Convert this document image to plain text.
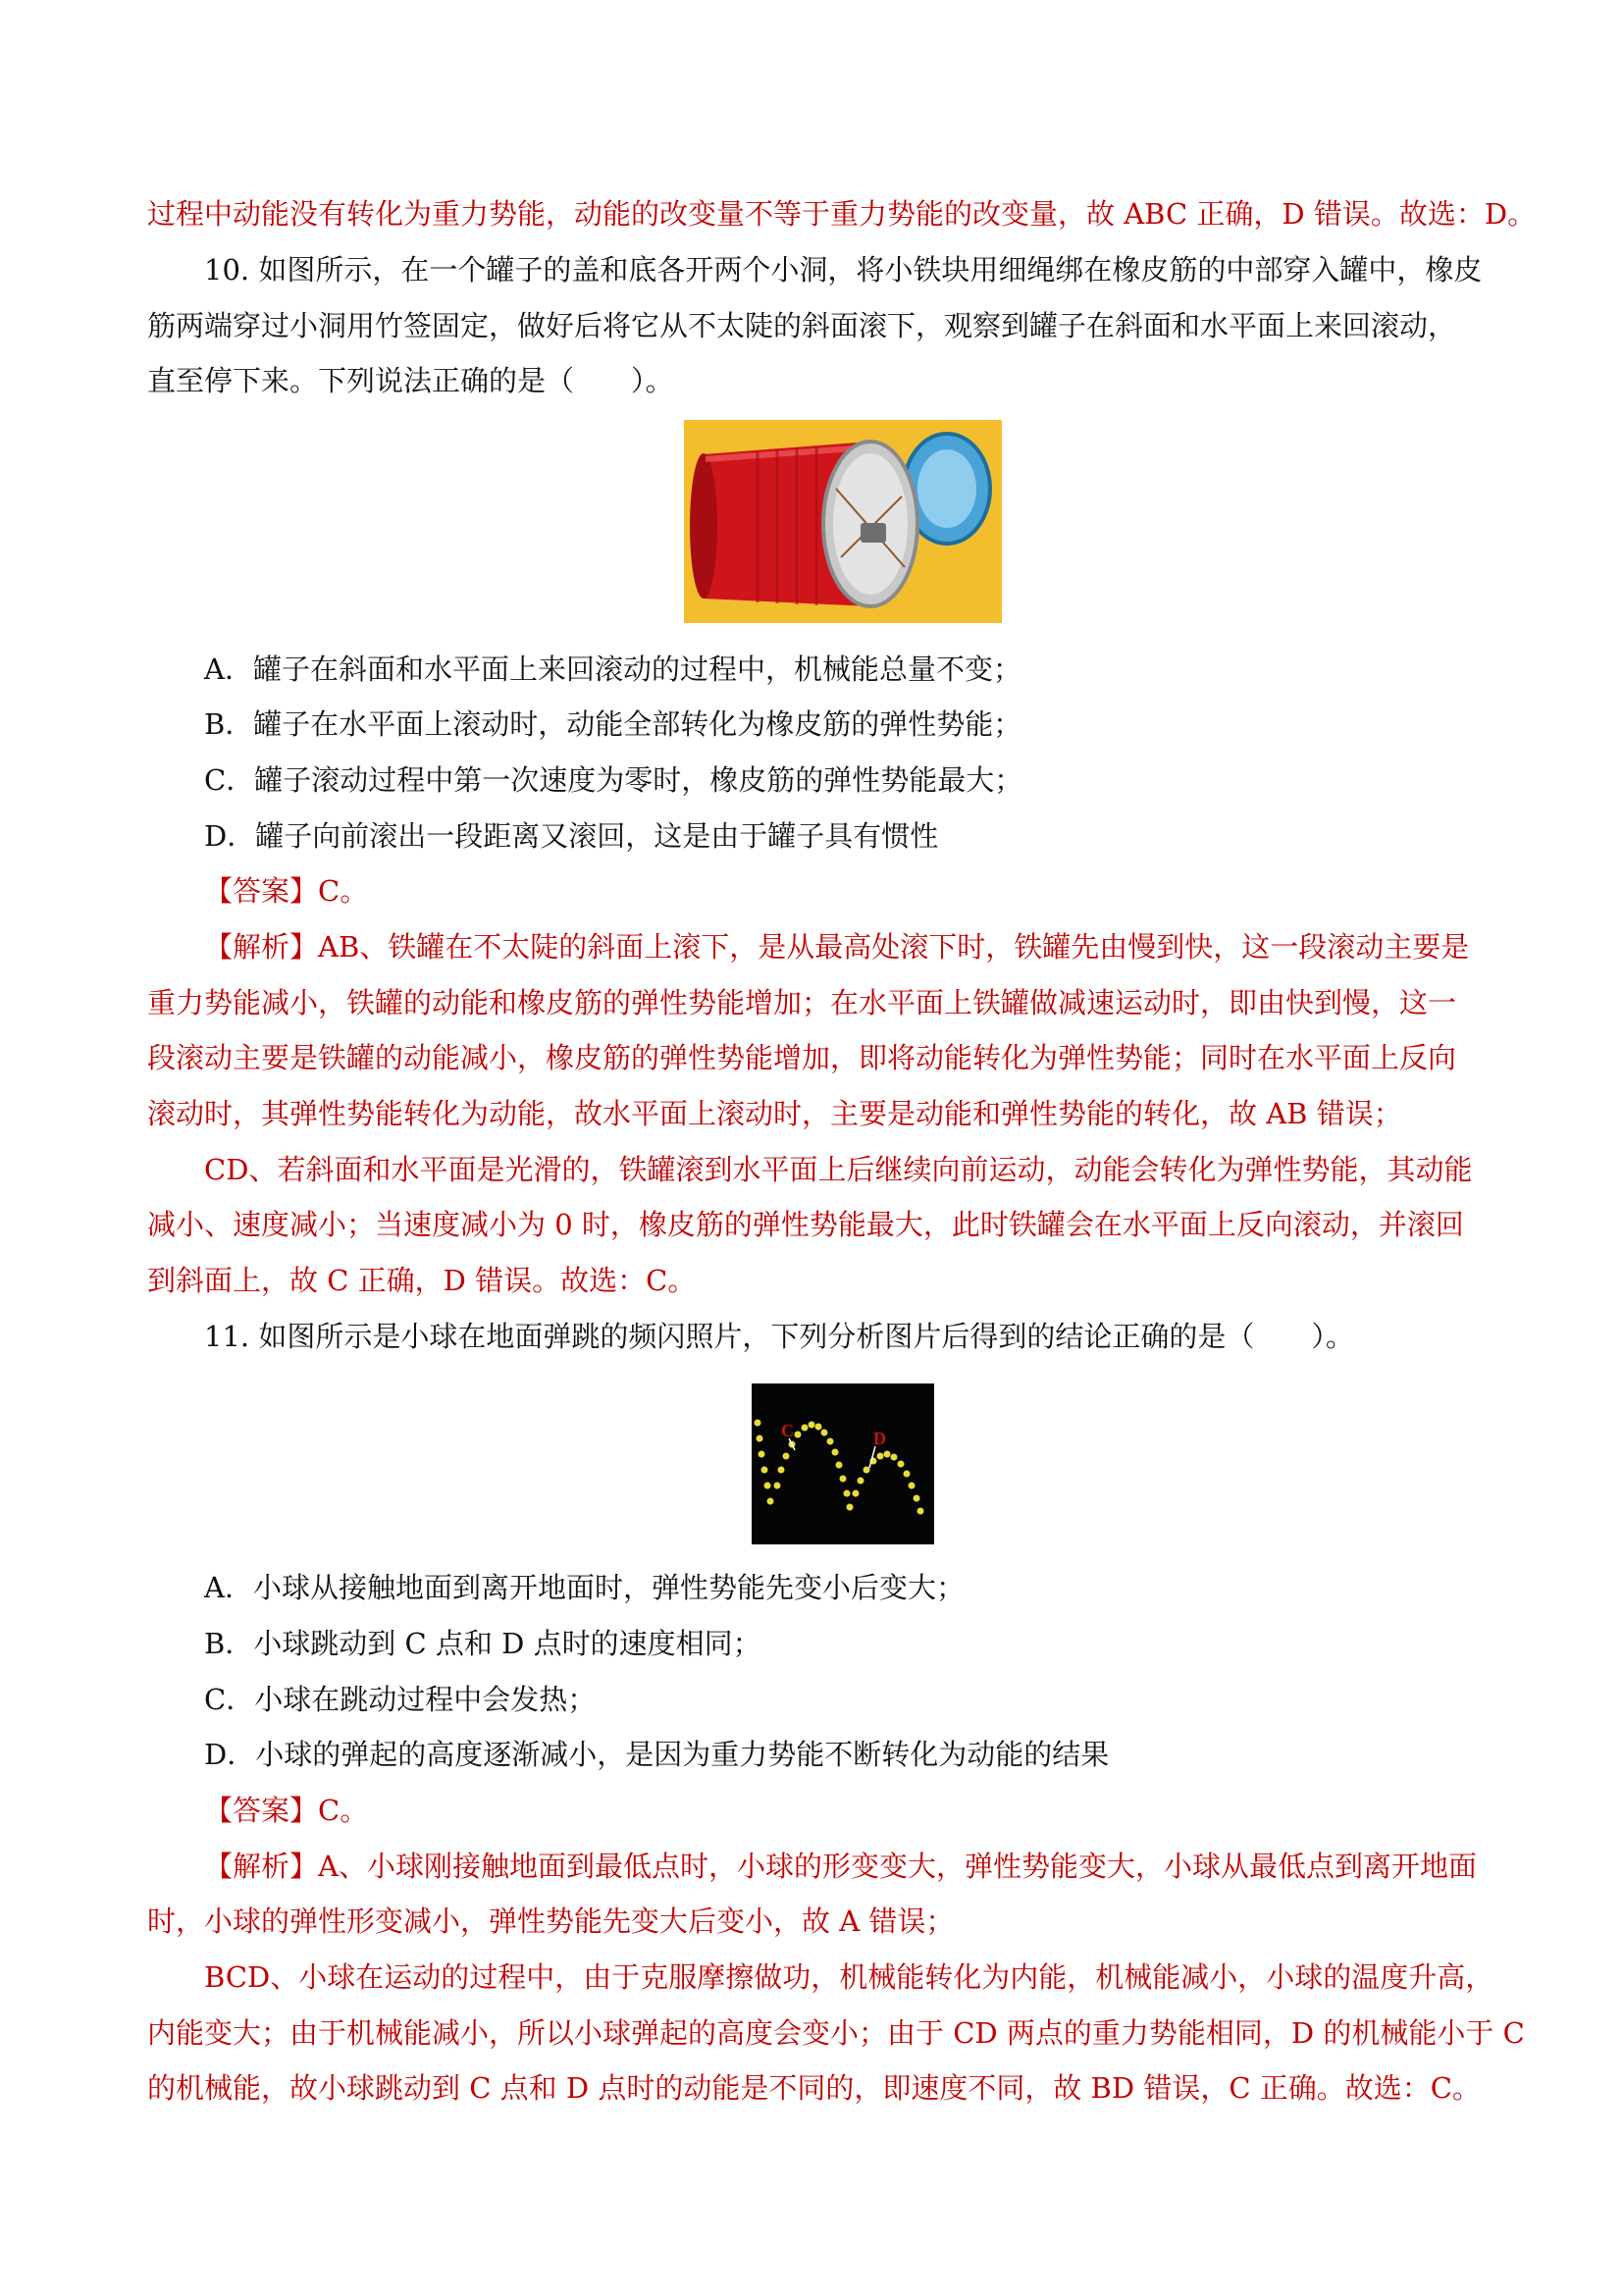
过程中动能没有转化为重力势能，动能的改变量不等于重力势能的改变量，故 ABC 正确，D 错误。故选：D。
10. 如图所示，在一个罐子的盖和底各开两个小洞，将小铁块用细绳绑在橡皮筋的中部穿入罐中，橡皮
筋两端穿过小洞用竹签固定，做好后将它从不太陡的斜面滚下，观察到罐子在斜面和水平面上来回滚动，
直至停下来。下列说法正确的是（　　）。
A．罐子在斜面和水平面上来回滚动的过程中，机械能总量不变；
B．罐子在水平面上滚动时，动能全部转化为橡皮筋的弹性势能；
C．罐子滚动过程中第一次速度为零时，橡皮筋的弹性势能最大；
D．罐子向前滚出一段距离又滚回，这是由于罐子具有惯性
【答案】C。
【解析】AB、铁罐在不太陡的斜面上滚下，是从最高处滚下时，铁罐先由慢到快，这一段滚动主要是
重力势能减小，铁罐的动能和橡皮筋的弹性势能增加；在水平面上铁罐做减速运动时，即由快到慢，这一
段滚动主要是铁罐的动能减小，橡皮筋的弹性势能增加，即将动能转化为弹性势能；同时在水平面上反向
滚动时，其弹性势能转化为动能，故水平面上滚动时，主要是动能和弹性势能的转化，故 AB 错误；
CD、若斜面和水平面是光滑的，铁罐滚到水平面上后继续向前运动，动能会转化为弹性势能，其动能
减小、速度减小；当速度减小为 0 时，橡皮筋的弹性势能最大，此时铁罐会在水平面上反向滚动，并滚回
到斜面上，故 C 正确，D 错误。故选：C。
11. 如图所示是小球在地面弹跳的频闪照片，下列分析图片后得到的结论正确的是（　　）。
C	D
A．小球从接触地面到离开地面时，弹性势能先变小后变大；
B．小球跳动到 C 点和 D 点时的速度相同；
C．小球在跳动过程中会发热；
D．小球的弹起的高度逐渐减小，是因为重力势能不断转化为动能的结果
【答案】C。
【解析】A、小球刚接触地面到最低点时，小球的形变变大，弹性势能变大，小球从最低点到离开地面
时，小球的弹性形变减小，弹性势能先变大后变小，故 A 错误；
BCD、小球在运动的过程中，由于克服摩擦做功，机械能转化为内能，机械能减小，小球的温度升高，
内能变大；由于机械能减小，所以小球弹起的高度会变小；由于 CD 两点的重力势能相同，D 的机械能小于 C
的机械能，故小球跳动到 C 点和 D 点时的动能是不同的，即速度不同，故 BD 错误，C 正确。故选：C。
